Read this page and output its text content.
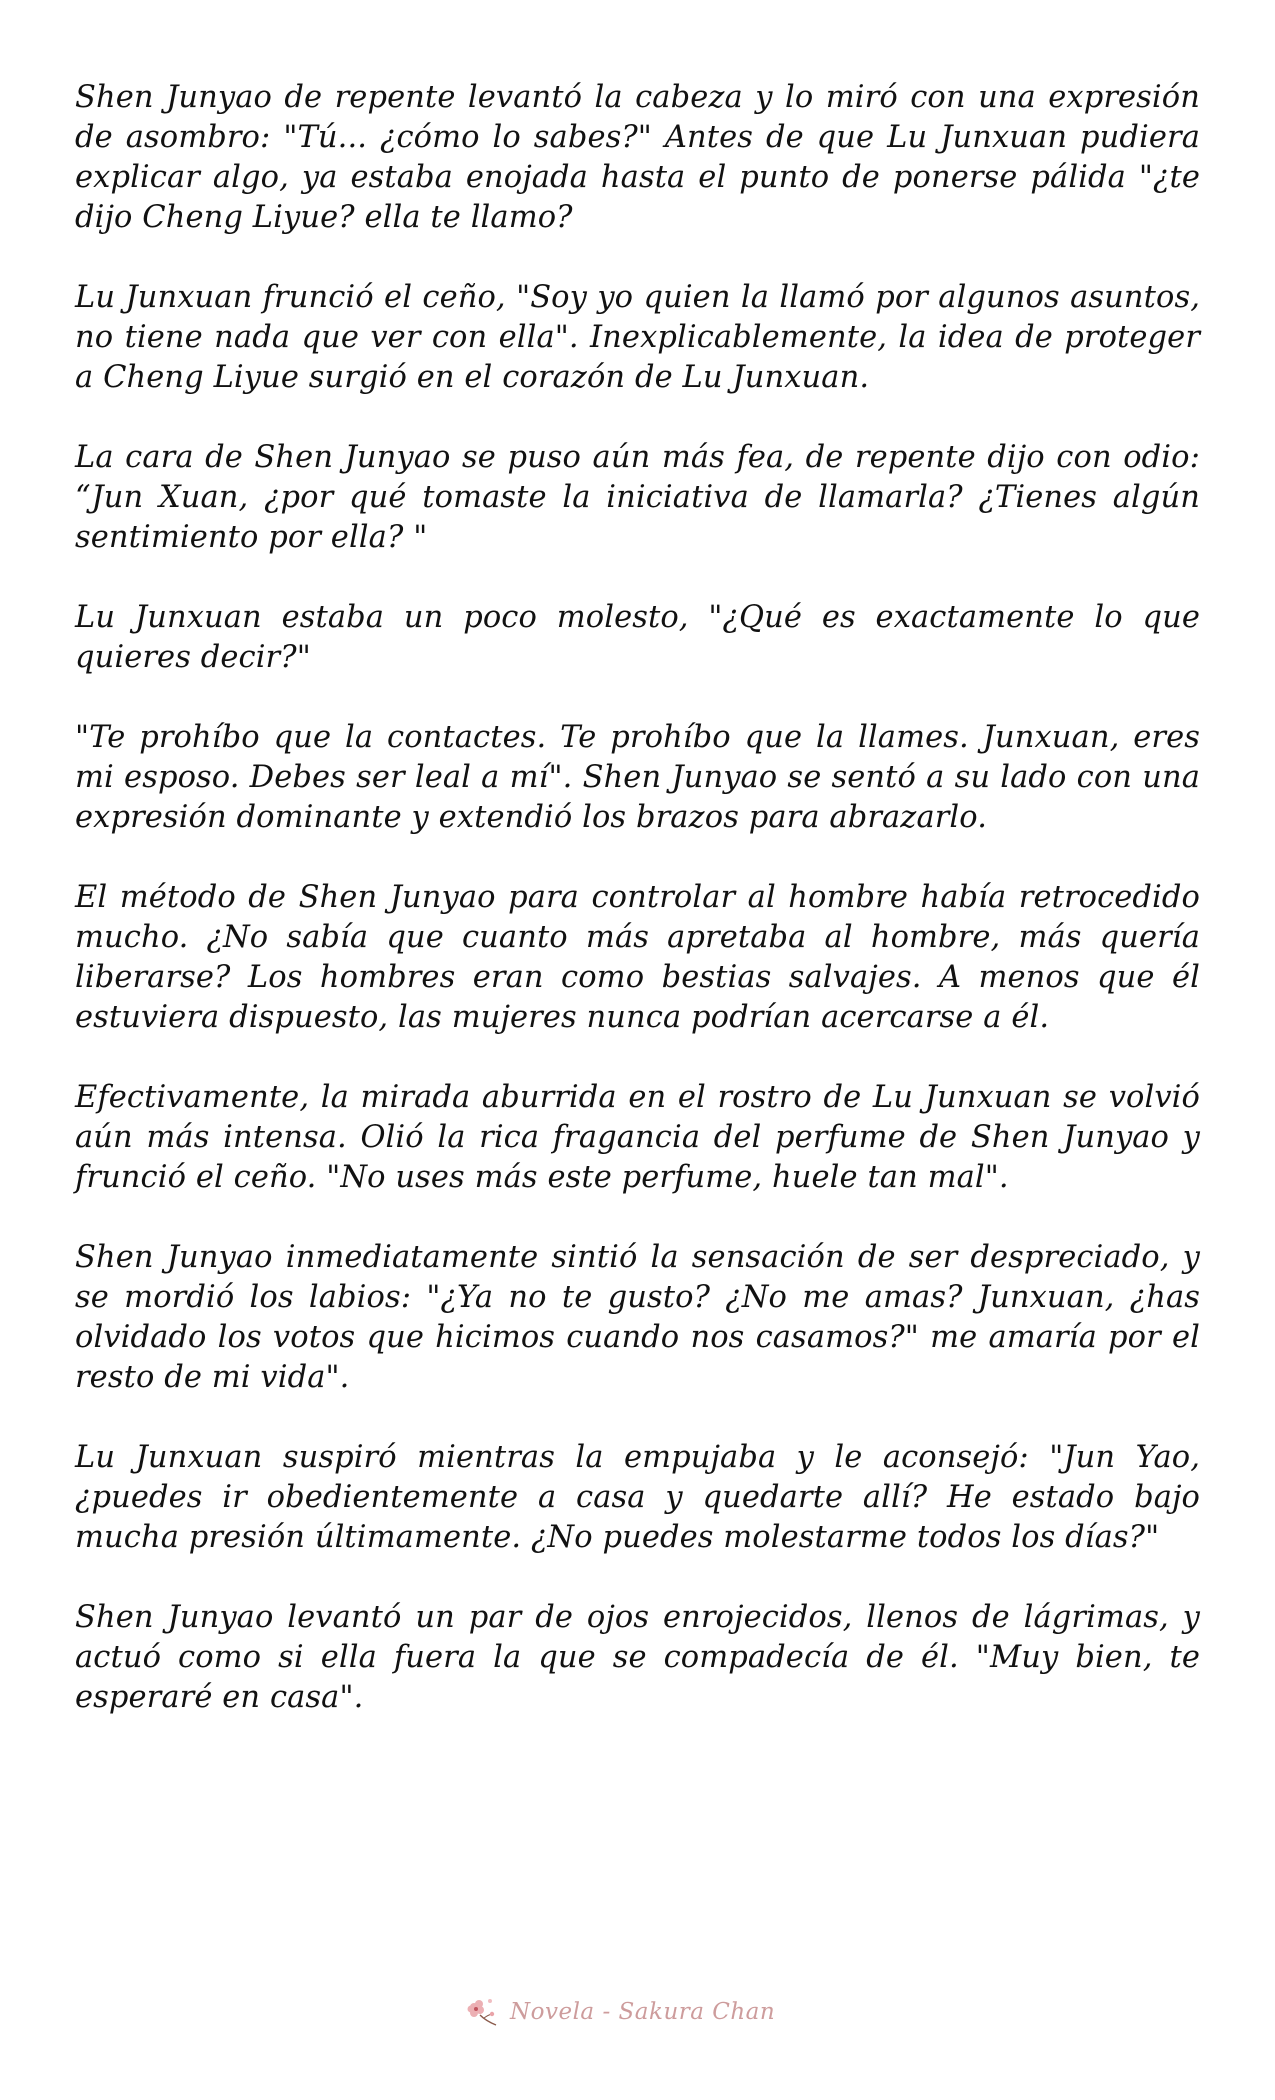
Shen Junyao de repente levantó la cabeza y lo miró con una expresión de asombro: "Tú... ¿cómo lo sabes?" Antes de que Lu Junxuan pudiera explicar algo, ya estaba enojada hasta el punto de ponerse pálida "¿te dijo Cheng Liyue? ella te llamo?

Lu Junxuan frunció el ceño, "Soy yo quien la llamó por algunos asuntos, no tiene nada que ver con ella". Inexplicablemente, la idea de proteger a Cheng Liyue surgió en el corazón de Lu Junxuan.

La cara de Shen Junyao se puso aún más fea, de repente dijo con odio: “Jun Xuan, ¿por qué tomaste la iniciativa de llamarla? ¿Tienes algún sentimiento por ella? "

Lu Junxuan estaba un poco molesto, "¿Qué es exactamente lo que quieres decir?"

"Te prohíbo que la contactes. Te prohíbo que la llames. Junxuan, eres mi esposo. Debes ser leal a mí". Shen Junyao se sentó a su lado con una expresión dominante y extendió los brazos para abrazarlo.

El método de Shen Junyao para controlar al hombre había retrocedido mucho. ¿No sabía que cuanto más apretaba al hombre, más quería liberarse? Los hombres eran como bestias salvajes. A menos que él estuviera dispuesto, las mujeres nunca podrían acercarse a él.

Efectivamente, la mirada aburrida en el rostro de Lu Junxuan se volvió aún más intensa. Olió la rica fragancia del perfume de Shen Junyao y frunció el ceño. "No uses más este perfume, huele tan mal".

Shen Junyao inmediatamente sintió la sensación de ser despreciado, y se mordió los labios: "¿Ya no te gusto? ¿No me amas? Junxuan, ¿has olvidado los votos que hicimos cuando nos casamos?" me amaría por el resto de mi vida".

Lu Junxuan suspiró mientras la empujaba y le aconsejó: "Jun Yao, ¿puedes ir obedientemente a casa y quedarte allí? He estado bajo mucha presión últimamente. ¿No puedes molestarme todos los días?"

Shen Junyao levantó un par de ojos enrojecidos, llenos de lágrimas, y actuó como si ella fuera la que se compadecía de él. "Muy bien, te esperaré en casa".

Novela - Sakura Chan
